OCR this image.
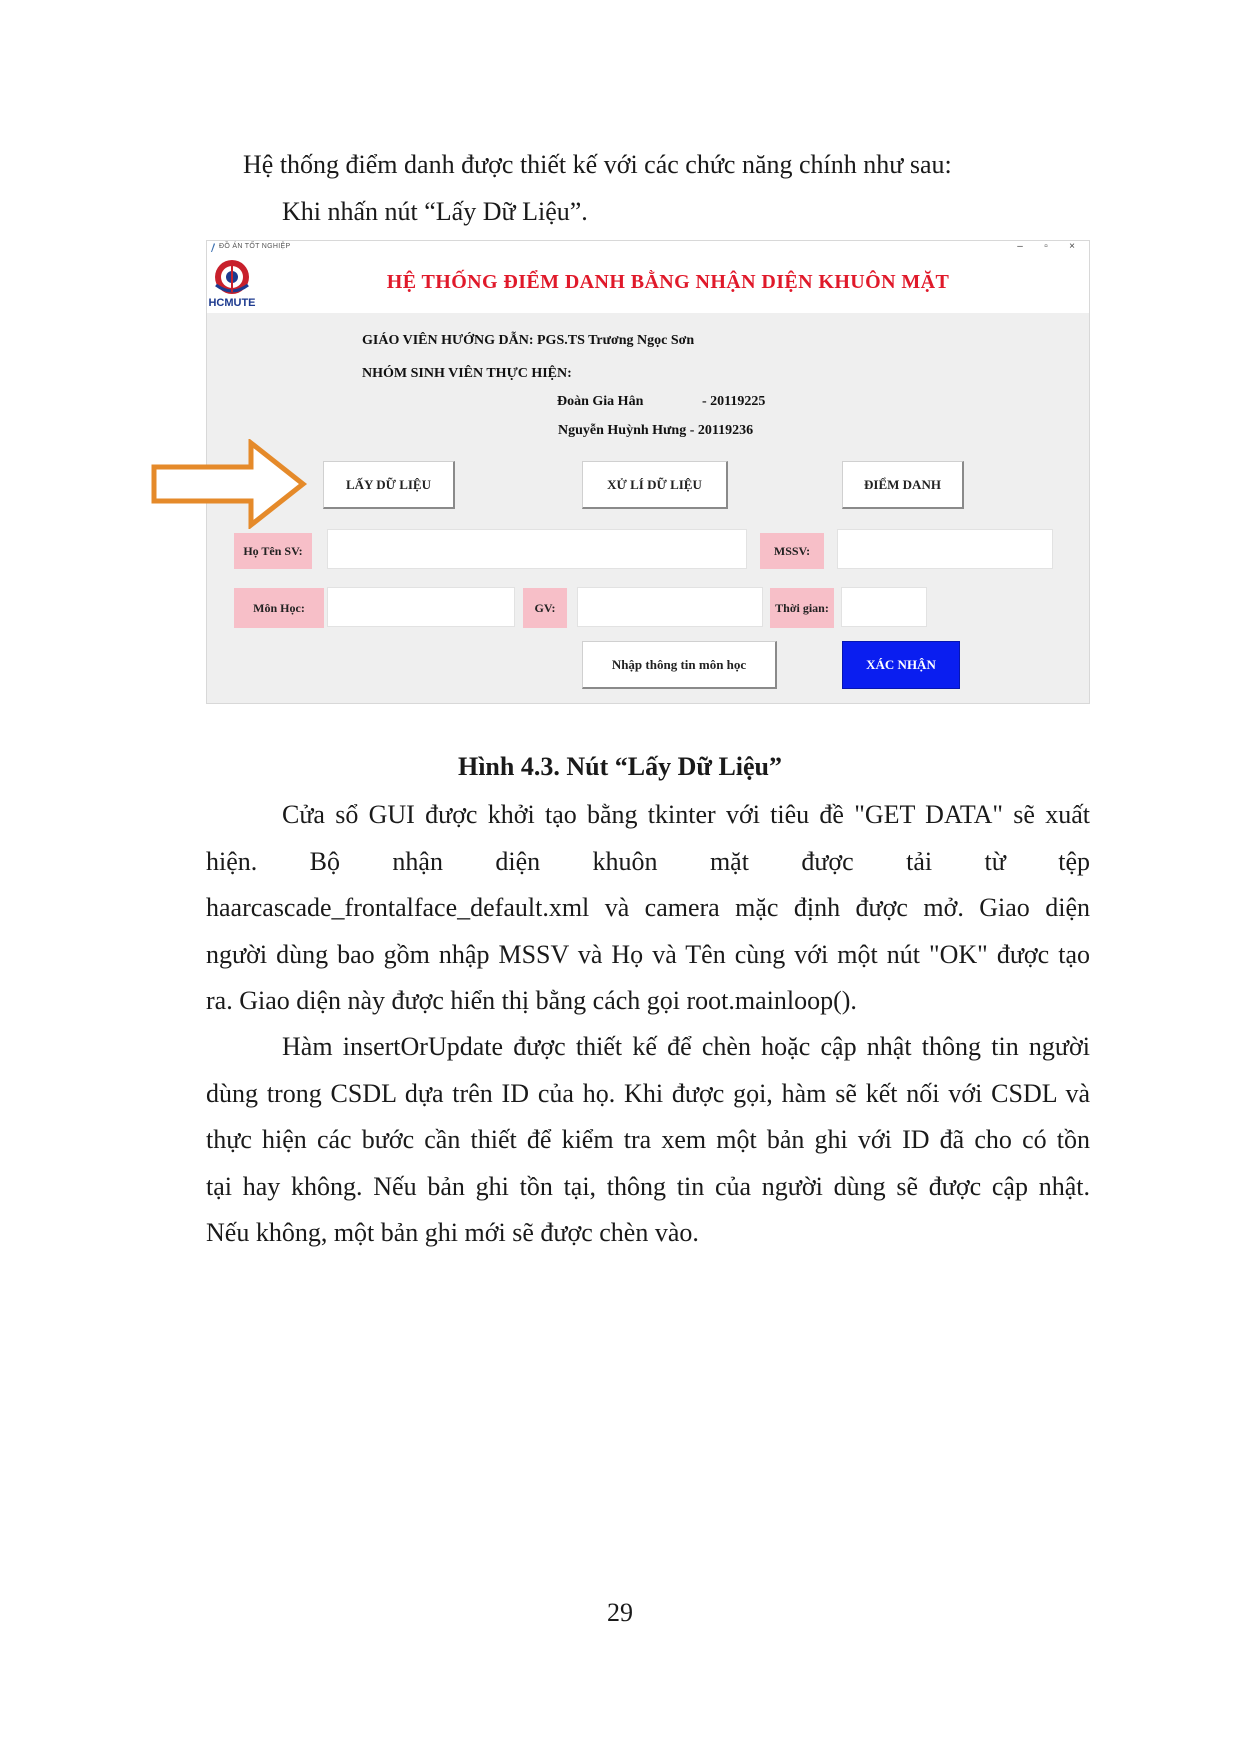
Hệ thống điểm danh được thiết kế với các chức năng chính như sau:
Khi nhấn nút “Lấy Dữ Liệu”.
ĐỒ ÁN TỐT NGHIỆP	–	▫	×
HCMUTE
HỆ THỐNG ĐIỂM DANH BẰNG NHẬN DIỆN KHUÔN MẶT
GIÁO VIÊN HƯỚNG DẪN: PGS.TS Trương Ngọc Sơn
NHÓM SINH VIÊN THỰC HIỆN:
Đoàn Gia Hân	- 20119225
Nguyễn Huỳnh Hưng - 20119236
LẤY DỮ LIỆU	XỬ LÍ DỮ LIỆU	ĐIỂM DANH
Họ Tên SV:	MSSV:
Môn Học:	GV:	Thời gian:
Nhập thông tin môn học	XÁC NHẬN
Hình 4.3. Nút “Lấy Dữ Liệu”
Cửa sổ GUI được khởi tạo bằng tkinter với tiêu đề "GET DATA" sẽ xuất
hiện. Bộ nhận diện khuôn mặt được tải từ tệp
haarcascade_frontalface_default.xml và camera mặc định được mở. Giao diện
người dùng bao gồm nhập MSSV và Họ và Tên cùng với một nút "OK" được tạo
ra. Giao diện này được hiển thị bằng cách gọi root.mainloop().
Hàm insertOrUpdate được thiết kế để chèn hoặc cập nhật thông tin người
dùng trong CSDL dựa trên ID của họ. Khi được gọi, hàm sẽ kết nối với CSDL và
thực hiện các bước cần thiết để kiểm tra xem một bản ghi với ID đã cho có tồn
tại hay không. Nếu bản ghi tồn tại, thông tin của người dùng sẽ được cập nhật.
Nếu không, một bản ghi mới sẽ được chèn vào.
29
